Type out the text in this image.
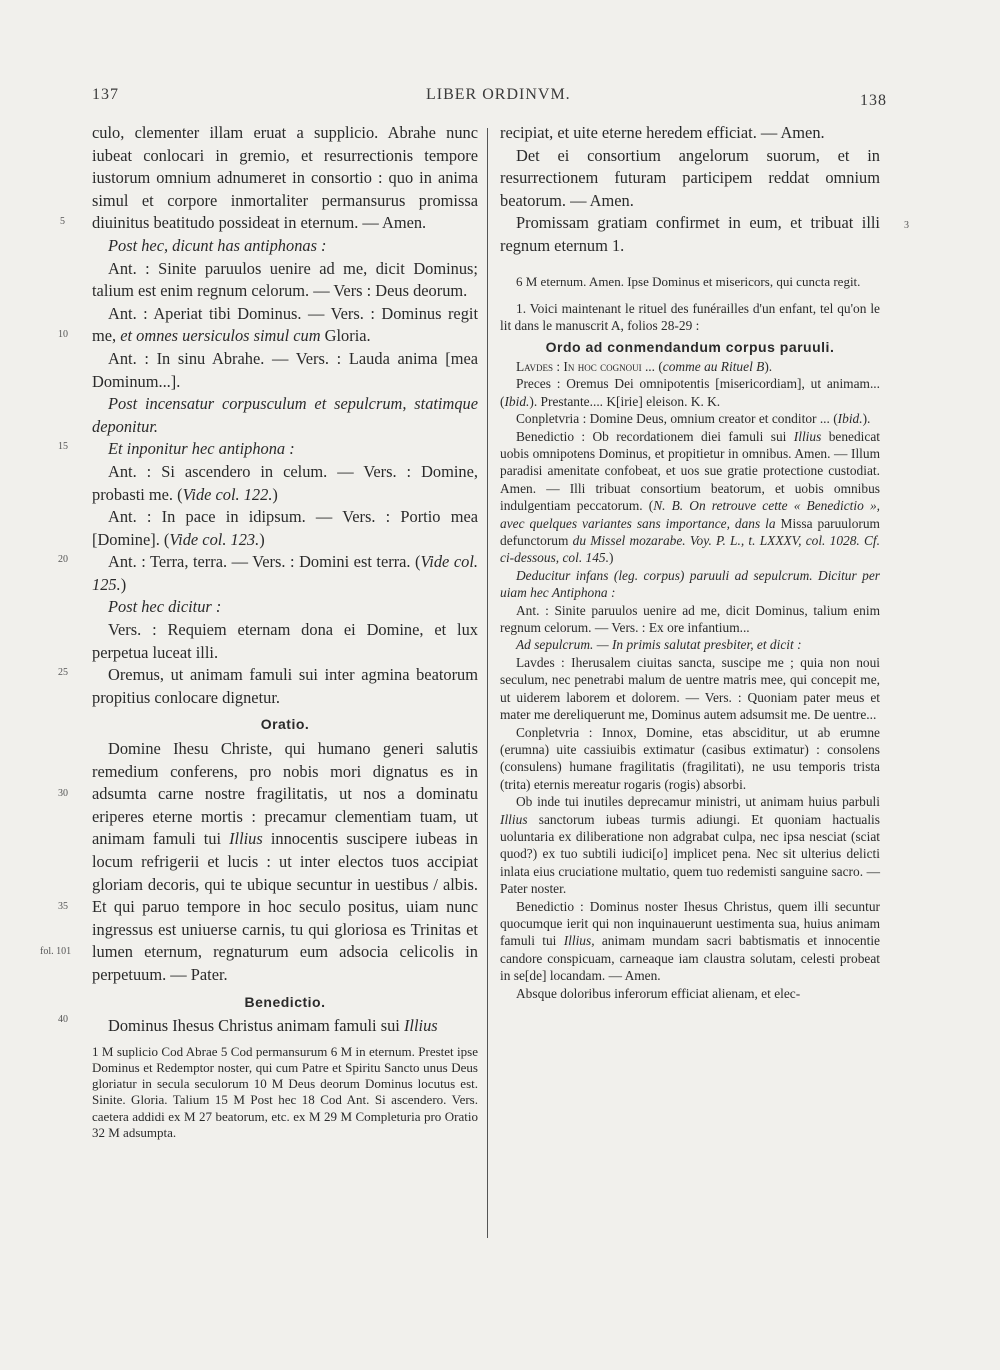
137	LIBER ORDINVM.	138
5
10
15
20
25
30
35
fol. 101
40
3

culo, clementer illam eruat a supplicio. Abrahe nunc iubeat conlocari in gremio, et resurrectionis tempore iustorum omnium adnumeret in consortio : quo in anima simul et corpore inmortaliter permansurus promissa diuinitus beatitudo possideat in eternum. — Amen.

Post hec, dicunt has antiphonas :

Ant. : Sinite paruulos uenire ad me, dicit Dominus; talium est enim regnum celorum. — Vers : Deus deorum.

Ant. : Aperiat tibi Dominus. — Vers. : Dominus regit me, et omnes uersiculos simul cum Gloria.

Ant. : In sinu Abrahe. — Vers. : Lauda anima [mea Dominum...].

Post incensatur corpusculum et sepulcrum, statimque deponitur.

Et inponitur hec antiphona :

Ant. : Si ascendero in celum. — Vers. : Domine, probasti me. (Vide col. 122.)

Ant. : In pace in idipsum. — Vers. : Portio mea [Domine]. (Vide col. 123.)

Ant. : Terra, terra. — Vers. : Domini est terra. (Vide col. 125.)

Post hec dicitur :

Vers. : Requiem eternam dona ei Domine, et lux perpetua luceat illi.

Oremus, ut animam famuli sui inter agmina beatorum propitius conlocare dignetur.

Oratio.

Domine Ihesu Christe, qui humano generi salutis remedium conferens, pro nobis mori dignatus es in adsumta carne nostre fragilitatis, ut nos a dominatu eriperes eterne mortis : precamur clementiam tuam, ut animam famuli tui Illius innocentis suscipere iubeas in locum refrigerii et lucis : ut inter electos tuos accipiat gloriam decoris, qui te ubique secuntur in uestibus / albis. Et qui paruo tempore in hoc seculo positus, uiam nunc ingressus est uniuerse carnis, tu qui gloriosa es Trinitas et lumen eternum, regnaturum eum adsocia celicolis in perpetuum. — Pater.

Benedictio.

Dominus Ihesus Christus animam famuli sui Illius

1 M suplicio Cod Abrae 5 Cod permansurum 6 M in eternum. Prestet ipse Dominus et Redemptor noster, qui cum Patre et Spiritu Sancto unus Deus gloriatur in secula seculorum 10 M Deus deorum Dominus locutus est. Sinite. Gloria. Talium 15 M Post hec 18 Cod Ant. Si ascendero. Vers. caetera addidi ex M 27 beatorum, etc. ex M 29 M Completuria pro Oratio 32 M adsumpta.

recipiat, et uite eterne heredem efficiat. — Amen.

Det ei consortium angelorum suorum, et in resurrectionem futuram participem reddat omnium beatorum. — Amen.

Promissam gratiam confirmet in eum, et tribuat illi regnum eternum 1.

6 M eternum. Amen. Ipse Dominus et misericors, qui cuncta regit.

1. Voici maintenant le rituel des funérailles d'un enfant, tel qu'on le lit dans le manuscrit A, folios 28-29 :

Ordo ad conmendandum corpus paruuli.

Lavdes : In hoc cognoui ... (comme au Rituel B).

Preces : Oremus Dei omnipotentis [misericordiam], ut animam... (Ibid.). Prestante.... K[irie] eleison. K. K.

Conpletvria : Domine Deus, omnium creator et conditor ... (Ibid.).

Benedictio : Ob recordationem diei famuli sui Illius benedicat uobis omnipotens Dominus, et propitietur in omnibus. Amen. — Illum paradisi amenitate confobeat, et uos sue gratie protectione custodiat. Amen. — Illi tribuat consortium beatorum, et uobis omnibus indulgentiam peccatorum. (N. B. On retrouve cette « Benedictio », avec quelques variantes sans importance, dans la Missa paruulorum defunctorum du Missel mozarabe. Voy. P. L., t. LXXXV, col. 1028. Cf. ci-dessous, col. 145.)

Deducitur infans (leg. corpus) paruuli ad sepulcrum. Dicitur per uiam hec Antiphona :

Ant. : Sinite paruulos uenire ad me, dicit Dominus, talium enim regnum celorum. — Vers. : Ex ore infantium...

Ad sepulcrum. — In primis salutat presbiter, et dicit :

Lavdes : Iherusalem ciuitas sancta, suscipe me ; quia non noui seculum, nec penetrabi malum de uentre matris mee, qui concepit me, ut uiderem laborem et dolorem. — Vers. : Quoniam pater meus et mater me dereliquerunt me, Dominus autem adsumsit me. De uentre...

Conpletvria : Innox, Domine, etas absciditur, ut ab erumne (erumna) uite cassiuibis extimatur (casibus extimatur) : consolens (consulens) humane fragilitatis (fragilitati), ne usu temporis trista (trita) eternis mereatur rogaris (rogis) absorbi.

Ob inde tui inutiles deprecamur ministri, ut animam huius parbuli Illius sanctorum iubeas turmis adiungi. Et quoniam hactualis uoluntaria ex diliberatione non adgrabat culpa, nec ipsa nesciat (sciat quod?) ex tuo subtili iudici[o] implicet pena. Nec sit ulterius delicti inlata eius cruciatione multatio, quem tuo redemisti sanguine sacro. — Pater noster.

Benedictio : Dominus noster Ihesus Christus, quem illi secuntur quocumque ierit qui non inquinauerunt uestimenta sua, huius animam famuli tui Illius, animam mundam sacri babtismatis et innocentie candore conspicuam, carneaque iam claustra solutam, celesti probeat in se[de] locandam. — Amen.

Absque doloribus inferorum efficiat alienam, et elec-
